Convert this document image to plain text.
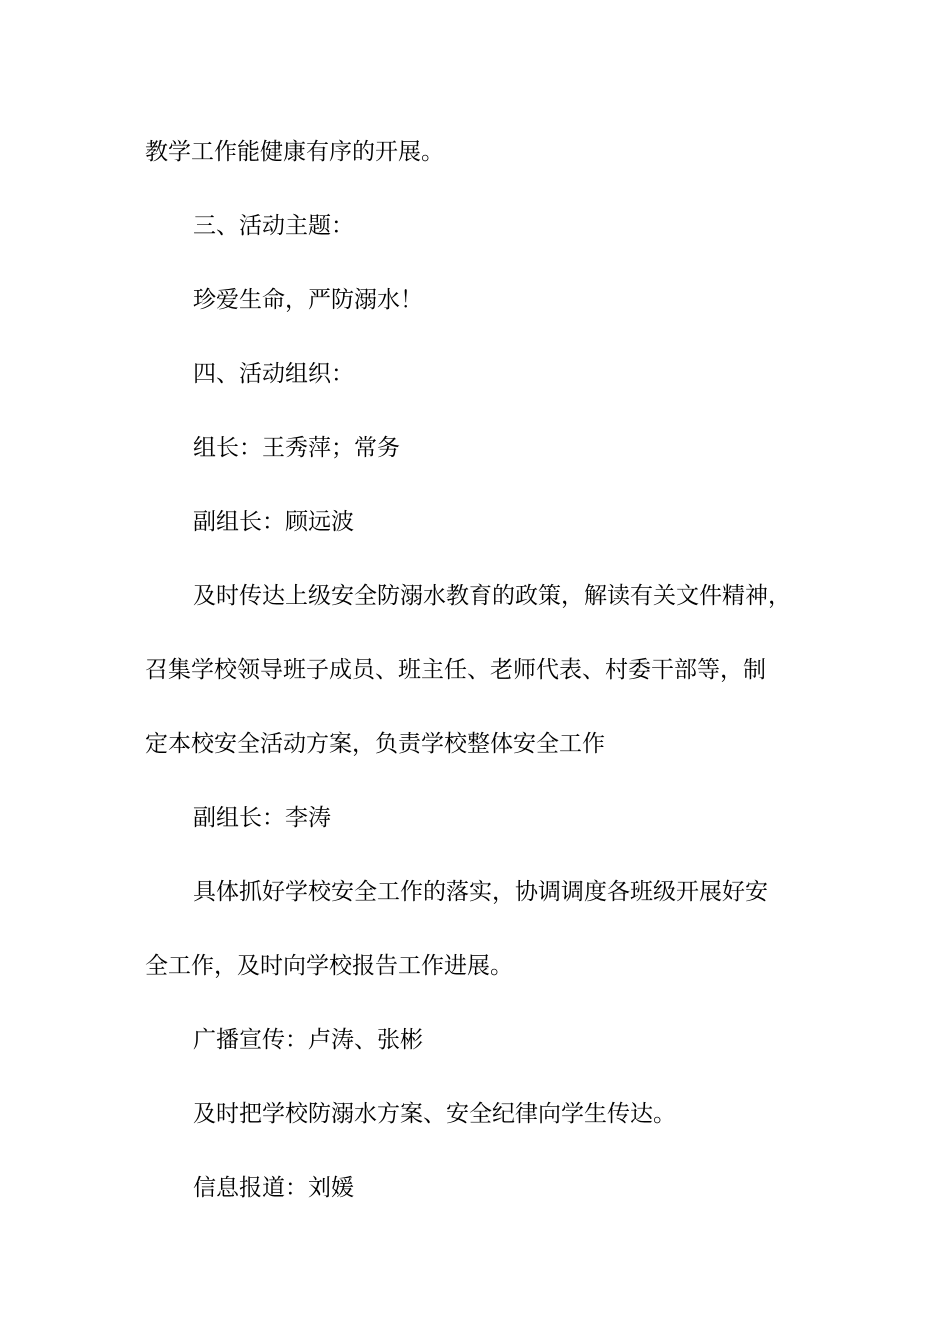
教学工作能健康有序的开展。

三、活动主题：

珍爱生命，严防溺水！

四、活动组织：

组长：王秀萍；常务

副组长：顾远波

及时传达上级安全防溺水教育的政策，解读有关文件精神，

召集学校领导班子成员、班主任、老师代表、村委干部等，制

定本校安全活动方案，负责学校整体安全工作

副组长：李涛

具体抓好学校安全工作的落实，协调调度各班级开展好安

全工作，及时向学校报告工作进展。

广播宣传：卢涛、张彬

及时把学校防溺水方案、安全纪律向学生传达。

信息报道：刘媛
